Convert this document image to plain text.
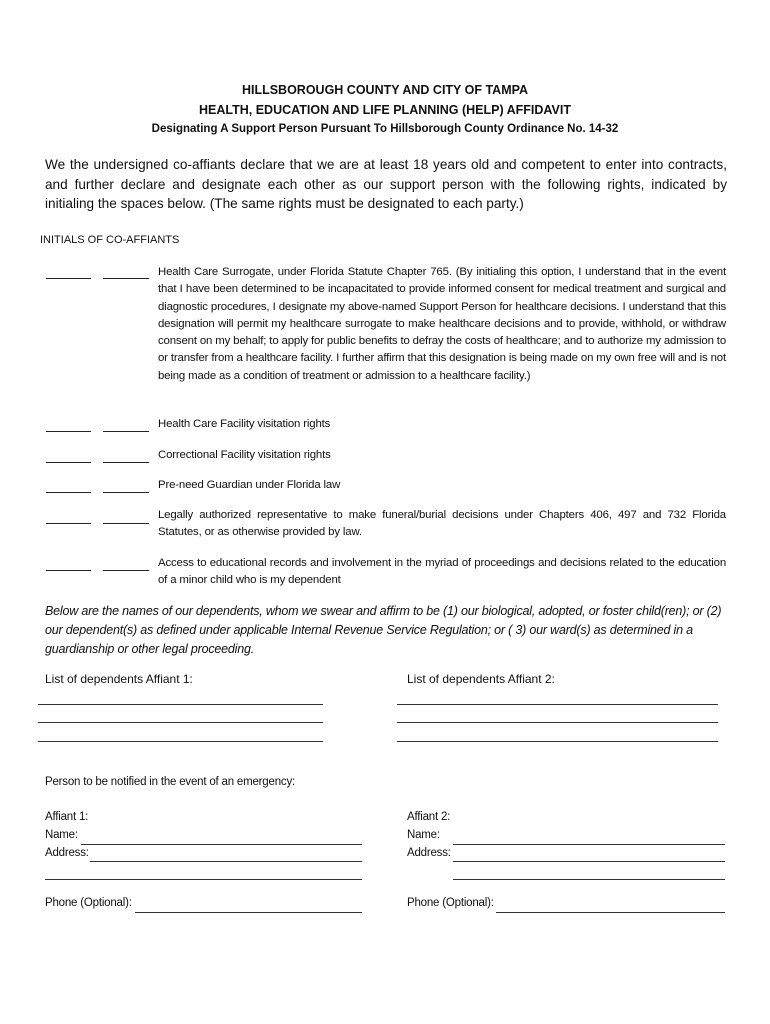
HILLSBOROUGH COUNTY AND CITY OF TAMPA
HEALTH, EDUCATION AND LIFE PLANNING (HELP) AFFIDAVIT
Designating A Support Person Pursuant To Hillsborough County Ordinance No. 14-32
We the undersigned co-affiants declare that we are at least 18 years old and competent to enter into contracts, and further declare and designate each other as our support person with the following rights, indicated by initialing the spaces below. (The same rights must be designated to each party.)
INITIALS OF CO-AFFIANTS
Health Care Surrogate, under Florida Statute Chapter 765. (By initialing this option, I understand that in the event that I have been determined to be incapacitated to provide informed consent for medical treatment and surgical and diagnostic procedures, I designate my above-named Support Person for healthcare decisions. I understand that this designation will permit my healthcare surrogate to make healthcare decisions and to provide, withhold, or withdraw consent on my behalf; to apply for public benefits to defray the costs of healthcare; and to authorize my admission to or transfer from a healthcare facility. I further affirm that this designation is being made on my own free will and is not being made as a condition of treatment or admission to a healthcare facility.)
Health Care Facility visitation rights
Correctional Facility visitation rights
Pre-need Guardian under Florida law
Legally authorized representative to make funeral/burial decisions under Chapters 406, 497 and 732 Florida Statutes, or as otherwise provided by law.
Access to educational records and involvement in the myriad of proceedings and decisions related to the education of a minor child who is my dependent
Below are the names of our dependents, whom we swear and affirm to be (1) our biological, adopted, or foster child(ren); or (2) our dependent(s) as defined under applicable Internal Revenue Service Regulation; or ( 3) our ward(s) as determined in a guardianship or other legal proceeding.
List of dependents Affiant 1:	List of dependents Affiant 2:
Person to be notified in the event of an emergency:
Affiant 1:
Name:
Address:
Phone (Optional):
Affiant 2:
Name:
Address:
Phone (Optional):
